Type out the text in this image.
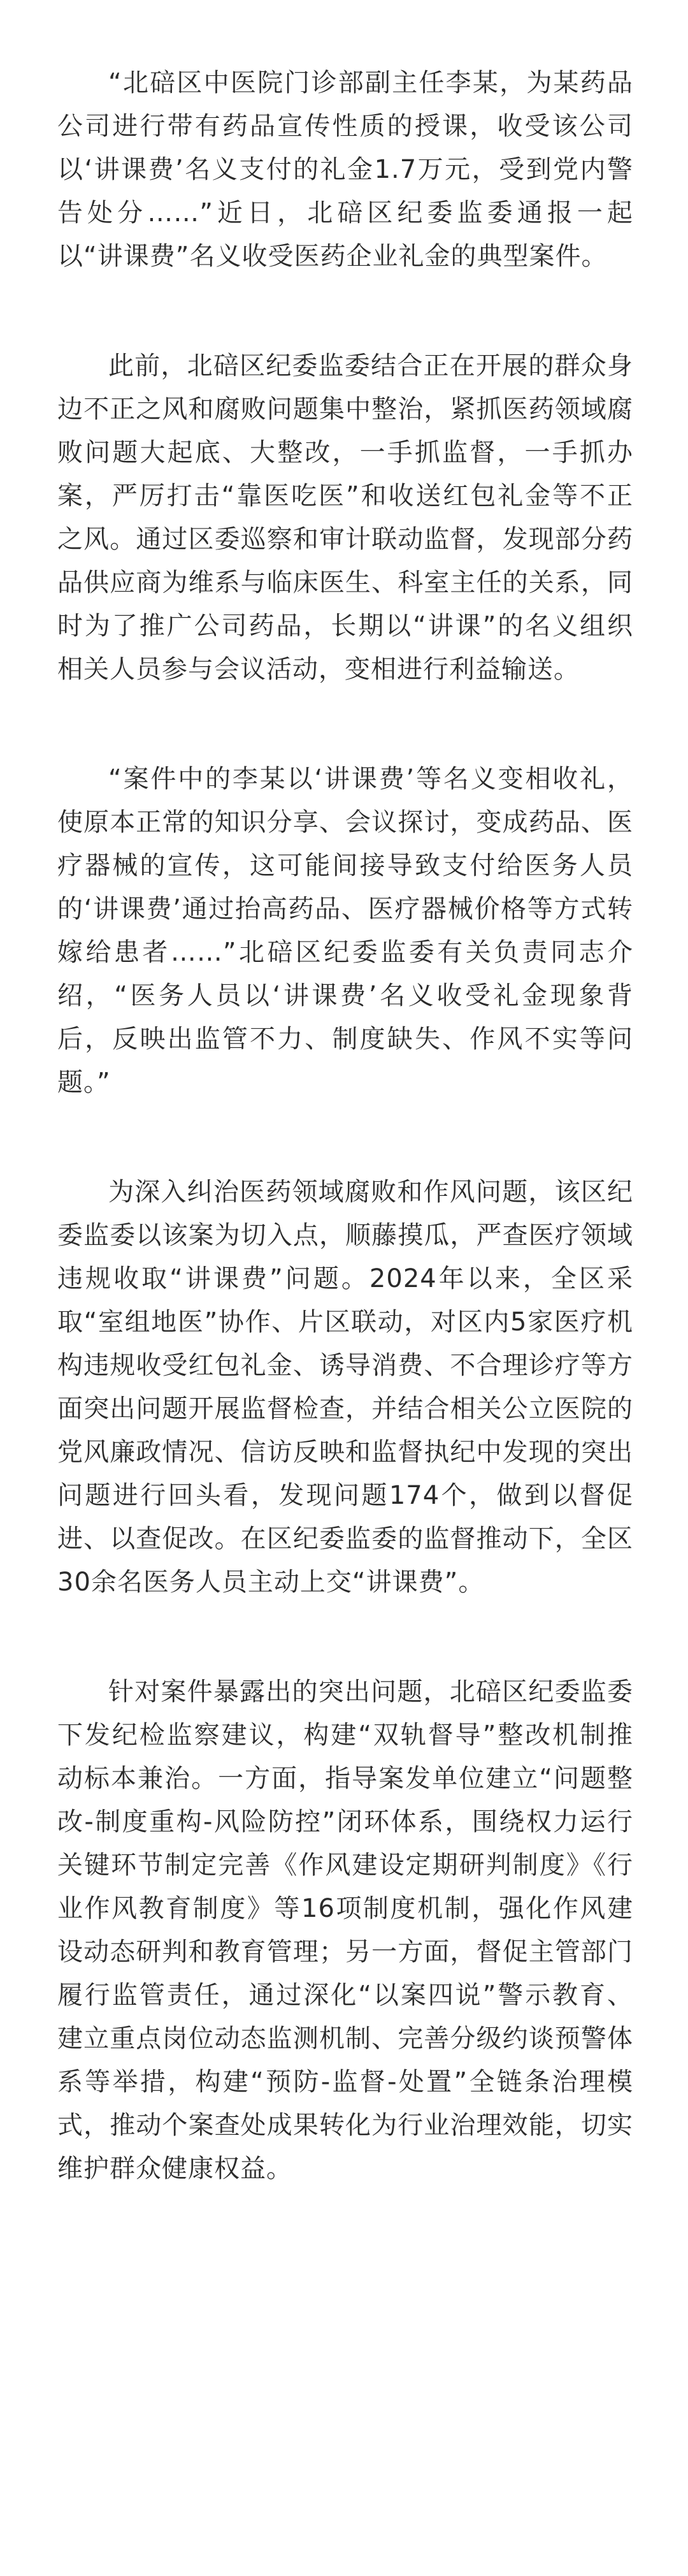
“北碚区中医院门诊部副主任李某，为某药品公司进行带有药品宣传性质的授课，收受该公司以‘讲课费’名义支付的礼金1.7万元，受到党内警告处分……”近日，北碚区纪委监委通报一起以“讲课费”名义收受医药企业礼金的典型案件。

此前，北碚区纪委监委结合正在开展的群众身边不正之风和腐败问题集中整治，紧抓医药领域腐败问题大起底、大整改，一手抓监督，一手抓办案，严厉打击“靠医吃医”和收送红包礼金等不正之风。通过区委巡察和审计联动监督，发现部分药品供应商为维系与临床医生、科室主任的关系，同时为了推广公司药品，长期以“讲课”的名义组织相关人员参与会议活动，变相进行利益输送。

“案件中的李某以‘讲课费’等名义变相收礼，使原本正常的知识分享、会议探讨，变成药品、医疗器械的宣传，这可能间接导致支付给医务人员的‘讲课费’通过抬高药品、医疗器械价格等方式转嫁给患者……”北碚区纪委监委有关负责同志介绍，“医务人员以‘讲课费’名义收受礼金现象背后，反映出监管不力、制度缺失、作风不实等问题。”

为深入纠治医药领域腐败和作风问题，该区纪委监委以该案为切入点，顺藤摸瓜，严查医疗领域违规收取“讲课费”问题。2024年以来，全区采取“室组地医”协作、片区联动，对区内5家医疗机构违规收受红包礼金、诱导消费、不合理诊疗等方面突出问题开展监督检查，并结合相关公立医院的党风廉政情况、信访反映和监督执纪中发现的突出问题进行回头看，发现问题174个，做到以督促进、以查促改。在区纪委监委的监督推动下，全区30余名医务人员主动上交“讲课费”。

针对案件暴露出的突出问题，北碚区纪委监委下发纪检监察建议，构建“双轨督导”整改机制推动标本兼治。一方面，指导案发单位建立“问题整改-制度重构-风险防控”闭环体系，围绕权力运行关键环节制定完善《作风建设定期研判制度》《行业作风教育制度》等16项制度机制，强化作风建设动态研判和教育管理；另一方面，督促主管部门履行监管责任，通过深化“以案四说”警示教育、建立重点岗位动态监测机制、完善分级约谈预警体系等举措，构建“预防-监督-处置”全链条治理模式，推动个案查处成果转化为行业治理效能，切实维护群众健康权益。
